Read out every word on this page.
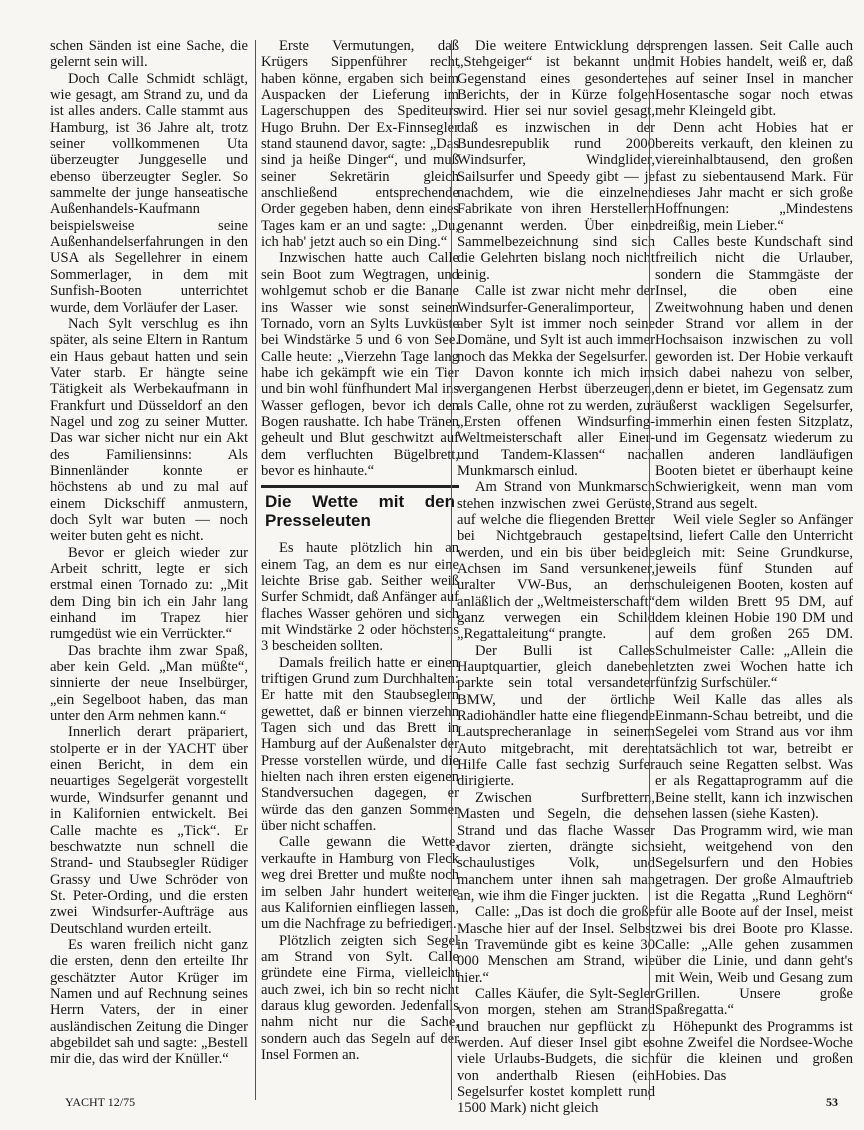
schen Sänden ist eine Sache, die gelernt sein will.

Doch Calle Schmidt schlägt, wie gesagt, am Strand zu, und da ist alles anders. Calle stammt aus Hamburg, ist 36 Jahre alt, trotz seiner vollkommenen Uta überzeugter Junggeselle und ebenso überzeugter Segler. So sammelte der junge hanseatische Außenhandels-Kaufmann beispielsweise seine Außenhandelserfahrungen in den USA als Segellehrer in einem Sommerlager, in dem mit Sunfish-Booten unterrichtet wurde, dem Vorläufer der Laser.

Nach Sylt verschlug es ihn später, als seine Eltern in Rantum ein Haus gebaut hatten und sein Vater starb. Er hängte seine Tätigkeit als Werbekaufmann in Frankfurt und Düsseldorf an den Nagel und zog zu seiner Mutter. Das war sicher nicht nur ein Akt des Familiensinns: Als Binnenländer konnte er höchstens ab und zu mal auf einem Dickschiff anmustern, doch Sylt war buten — noch weiter buten geht es nicht.

Bevor er gleich wieder zur Arbeit schritt, legte er sich erstmal einen Tornado zu: „Mit dem Ding bin ich ein Jahr lang einhand im Trapez hier rumgedüst wie ein Verrückter.“

Das brachte ihm zwar Spaß, aber kein Geld. „Man müßte“, sinnierte der neue Inselbürger, „ein Segelboot haben, das man unter den Arm nehmen kann.“

Innerlich derart präpariert, stolperte er in der YACHT über einen Bericht, in dem ein neuartiges Segelgerät vorgestellt wurde, Windsurfer genannt und in Kalifornien entwickelt. Bei Calle machte es „Tick“. Er beschwatzte nun schnell die Strand- und Staubsegler Rüdiger Grassy und Uwe Schröder von St. Peter-Ording, und die ersten zwei Windsurfer-Aufträge aus Deutschland wurden erteilt.

Es waren freilich nicht ganz die ersten, denn den erteilte Ihr geschätzter Autor Krüger im Namen und auf Rechnung seines Herrn Vaters, der in einer ausländischen Zeitung die Dinger abgebildet sah und sagte: „Bestell mir die, das wird der Knüller.“

Erste Vermutungen, daß Krügers Sippenführer recht haben könne, ergaben sich beim Auspacken der Lieferung im Lagerschuppen des Spediteurs Hugo Bruhn. Der Ex-Finnsegler stand staunend davor, sagte: „Das sind ja heiße Dinger“, und muß seiner Sekretärin gleich anschließend entsprechende Order gegeben haben, denn eines Tages kam er an und sagte: „Du, ich hab' jetzt auch so ein Ding.“

Inzwischen hatte auch Calle sein Boot zum Wegtragen, und wohlgemut schob er die Banane ins Wasser wie sonst seinen Tornado, vorn an Sylts Luvküste bei Windstärke 5 und 6 von See. Calle heute: „Vierzehn Tage lang habe ich gekämpft wie ein Tier und bin wohl fünfhundert Mal ins Wasser geflogen, bevor ich den Bogen raushatte. Ich habe Tränen geheult und Blut geschwitzt auf dem verfluchten Bügelbrett, bevor es hinhaute.“

Die Wette mit den Presseleuten

Es haute plötzlich hin an einem Tag, an dem es nur eine leichte Brise gab. Seither weiß Surfer Schmidt, daß Anfänger auf flaches Wasser gehören und sich mit Windstärke 2 oder höchstens 3 bescheiden sollten.

Damals freilich hatte er einen triftigen Grund zum Durchhalten: Er hatte mit den Staubseglern gewettet, daß er binnen vierzehn Tagen sich und das Brett in Hamburg auf der Außenalster der Presse vorstellen würde, und die hielten nach ihren ersten eigenen Standversuchen dagegen, er würde das den ganzen Sommer über nicht schaffen.

Calle gewann die Wette, verkaufte in Hamburg von Fleck weg drei Bretter und mußte noch im selben Jahr hundert weitere aus Kalifornien einfliegen lassen, um die Nachfrage zu befriedigen.

Plötzlich zeigten sich Segel am Strand von Sylt. Calle gründete eine Firma, vielleicht auch zwei, ich bin so recht nicht daraus klug geworden. Jedenfalls nahm nicht nur die Sache, sondern auch das Segeln auf der Insel Formen an.

Die weitere Entwicklung der „Stehgeiger“ ist bekannt und Gegenstand eines gesonderten Berichts, der in Kürze folgen wird. Hier sei nur soviel gesagt, daß es inzwischen in der Bundesrepublik rund 2000 Windsurfer, Windglider, Sailsurfer und Speedy gibt — je nachdem, wie die einzelnen Fabrikate von ihren Herstellern genannt werden. Über eine Sammelbezeichnung sind sich die Gelehrten bislang noch nicht einig.

Calle ist zwar nicht mehr der Windsurfer-Generalimporteur, aber Sylt ist immer noch seine Domäne, und Sylt ist auch immer noch das Mekka der Segelsurfer.

Davon konnte ich mich im vergangenen Herbst überzeugen, als Calle, ohne rot zu werden, zur „Ersten offenen Windsurfing-Weltmeisterschaft aller Einer- und Tandem-Klassen“ nach Munkmarsch einlud.

Am Strand von Munkmarsch stehen inzwischen zwei Gerüste, auf welche die fliegenden Bretter bei Nichtgebrauch gestapelt werden, und ein bis über beide Achsen im Sand versunkener, uralter VW-Bus, an dem anläßlich der „Weltmeisterschaft“ ganz verwegen ein Schild „Regattaleitung“ prangte.

Der Bulli ist Calles Hauptquartier, gleich daneben parkte sein total versandeter BMW, und der örtliche Radiohändler hatte eine fliegende Lautsprecheranlage in seinem Auto mitgebracht, mit deren Hilfe Calle fast sechzig Surfer dirigierte.

Zwischen Surfbrettern, Masten und Segeln, die den Strand und das flache Wasser davor zierten, drängte sich schaulustiges Volk, und manchem unter ihnen sah man an, wie ihm die Finger juckten.

Calle: „Das ist doch die große Masche hier auf der Insel. Selbst in Travemünde gibt es keine 30 000 Menschen am Strand, wie hier.“

Calles Käufer, die Sylt-Segler von morgen, stehen am Strand und brauchen nur gepflückt zu werden. Auf dieser Insel gibt es viele Urlaubs-Budgets, die sich von anderthalb Riesen (ein Segelsurfer kostet komplett rund 1500 Mark) nicht gleich

sprengen lassen. Seit Calle auch mit Hobies handelt, weiß er, daß es auf seiner Insel in mancher Hosentasche sogar noch etwas mehr Kleingeld gibt.

Denn acht Hobies hat er bereits verkauft, den kleinen zu viereinhalbtausend, den großen fast zu siebentausend Mark. Für dieses Jahr macht er sich große Hoffnungen: „Mindestens dreißig, mein Lieber.“

Calles beste Kundschaft sind freilich nicht die Urlauber, sondern die Stammgäste der Insel, die oben eine Zweitwohnung haben und denen der Strand vor allem in der Hochsaison inzwischen zu voll geworden ist. Der Hobie verkauft sich dabei nahezu von selber, denn er bietet, im Gegensatz zum äußerst wackligen Segelsurfer, immerhin einen festen Sitzplatz, und im Gegensatz wiederum zu allen anderen landläufigen Booten bietet er überhaupt keine Schwierigkeit, wenn man vom Strand aus segelt.

Weil viele Segler so Anfänger sind, liefert Calle den Unterricht gleich mit: Seine Grundkurse, jeweils fünf Stunden auf schuleigenen Booten, kosten auf dem wilden Brett 95 DM, auf dem kleinen Hobie 190 DM und auf dem großen 265 DM. Schulmeister Calle: „Allein die letzten zwei Wochen hatte ich fünfzig Surfschüler.“

Weil Kalle das alles als Einmann-Schau betreibt, und die Segelei vom Strand aus vor ihm tatsächlich tot war, betreibt er auch seine Regatten selbst. Was er als Regattaprogramm auf die Beine stellt, kann ich inzwischen sehen lassen (siehe Kasten).

Das Programm wird, wie man sieht, weitgehend von den Segelsurfern und den Hobies getragen. Der große Almauftrieb ist die Regatta „Rund Leghörn“ für alle Boote auf der Insel, meist zwei bis drei Boote pro Klasse. Calle: „Alle gehen zusammen über die Linie, und dann geht's mit Wein, Weib und Gesang zum Grillen. Unsere große Spaßregatta.“

Höhepunkt des Programms ist ohne Zweifel die Nordsee-Woche für die kleinen und großen Hobies. Das

YACHT 12/75	53
